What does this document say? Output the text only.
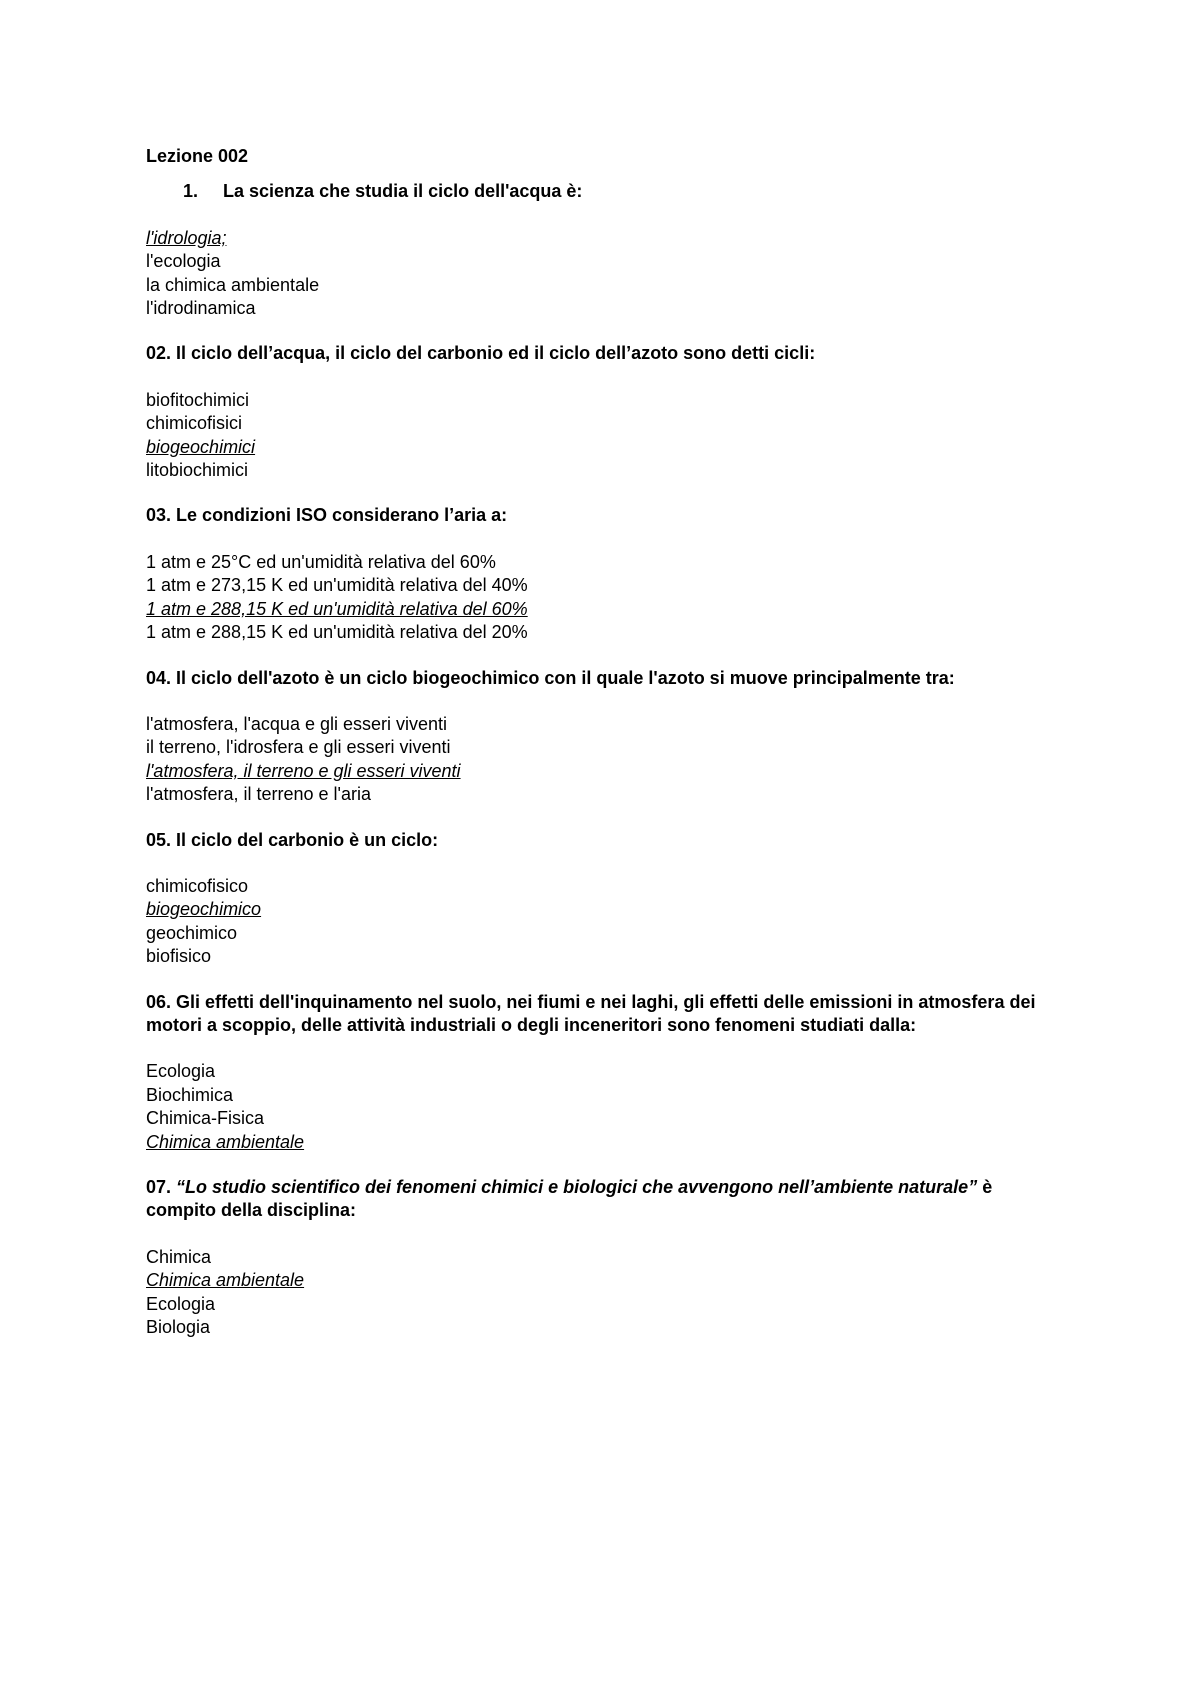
Lezione 002
1. La scienza che studia il ciclo dell'acqua è:
l'idrologia;
l'ecologia
la chimica ambientale
l'idrodinamica
02. Il ciclo dell’acqua, il ciclo del carbonio ed il ciclo dell’azoto sono detti cicli:
biofitochimici
chimicofisici
biogeochimici
litobiochimici
03. Le condizioni ISO considerano l’aria a:
1 atm e 25°C ed un'umidità relativa del 60%
1 atm e 273,15 K ed un'umidità relativa del 40%
1 atm e 288,15 K ed un'umidità relativa del 60%
1 atm e 288,15 K ed un'umidità relativa del 20%
04. Il ciclo dell'azoto è un ciclo biogeochimico con il quale l'azoto si muove principalmente tra:
l'atmosfera, l'acqua e gli esseri viventi
il terreno, l'idrosfera e gli esseri viventi
l'atmosfera, il terreno e gli esseri viventi
l'atmosfera, il terreno e l'aria
05. Il ciclo del carbonio è un ciclo:
chimicofisico
biogeochimico
geochimico
biofisico
06. Gli effetti dell'inquinamento nel suolo, nei fiumi e nei laghi, gli effetti delle emissioni in atmosfera dei motori a scoppio, delle attività industriali o degli inceneritori sono fenomeni studiati dalla:
Ecologia
Biochimica
Chimica-Fisica
Chimica ambientale
07. “Lo studio scientifico dei fenomeni chimici e biologici che avvengono nell’ambiente naturale” è compito della disciplina:
Chimica
Chimica ambientale
Ecologia
Biologia
